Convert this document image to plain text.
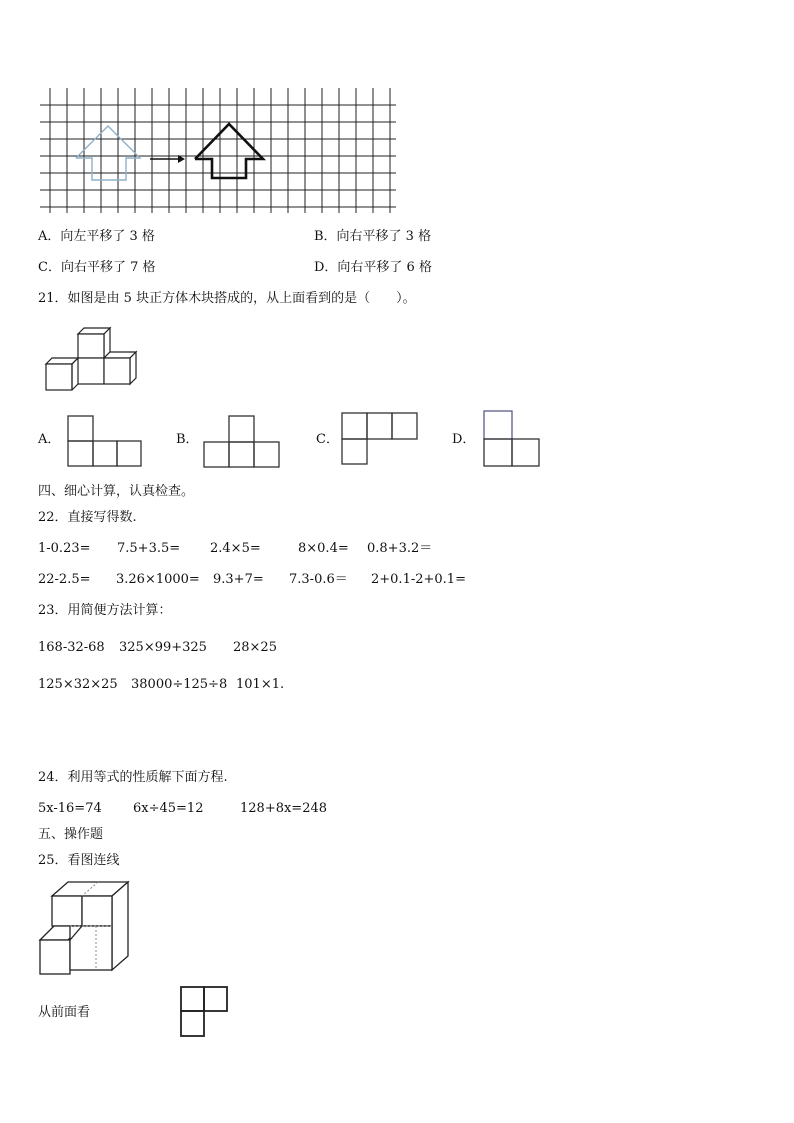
A．向左平移了 3 格	B．向右平移了 3 格
C．向右平移了 7 格	D．向右平移了 6 格
21．如图是由 5 块正方体木块搭成的，从上面看到的是（　　）。
A．	B．	C．	D．
四、细心计算，认真检查。
22．直接写得数.
1-0.23= 7.5+3.5= 2.4×5=	8×0.4= 0.8+3.2＝
22-2.5= 3.26×1000= 9.3+7= 7.3-0.6＝ 2+0.1-2+0.1=
23．用简便方法计算：
168-32-68 325×99+325 28×25
125×32×25 38000÷125÷8 101×1.
24．利用等式的性质解下面方程.
5x-16=74 6x÷45=12	128+8x=248
五、操作题
25．看图连线
从前面看
